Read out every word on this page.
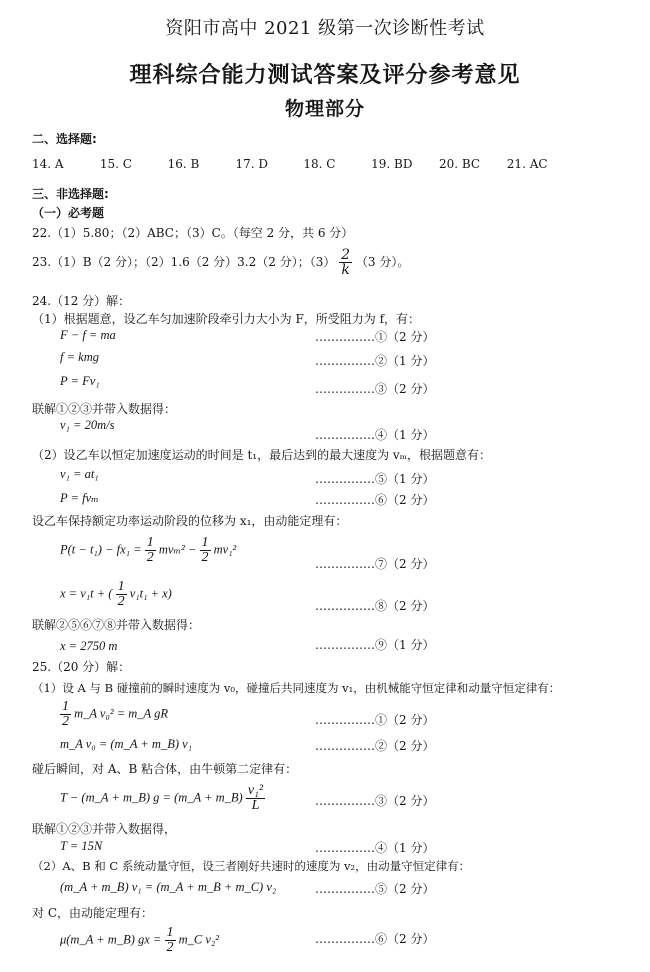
资阳市高中 2021 级第一次诊断性考试
理科综合能力测试答案及评分参考意见
物理部分
二、选择题:
14. A	15. C	16. B	17. D	18. C	19. BD 20. BC 21. AC
三、非选择题:
（一）必考题
22.（1）5.80；（2）ABC；（3）C。（每空 2 分，共 6 分）
23.（1）B（2 分）；（2）1.6（2 分）3.2（2 分）；$(3) \frac{2}{k} (3$ 分）。
24.（12 分）解：
（1）根据题意，设乙车匀加速阶段牵引力大小为 F，所受阻力为 f，有：
F − f = ma	……………①（2 分）
f = kmg	……………②（1 分）
P = Fv₁
……………③（2 分）
联解①②③并带入数据得：
v₁ = 20m/s
……………④（1 分）
（2）设乙车以恒定加速度运动的时间是 t₁，最后达到的最大速度为 vₘ，根据题意有：
v₁ = at₁	……………⑤（1 分）
P = fvₘ	……………⑥（2 分）
设乙车保持额定功率运动阶段的位移为 x₁，由动能定理有：
$P(t - t_1) - fx_1 = \frac{1}{2} mv_m^2 - \frac{1}{2} mv_1^2$
……………⑦（2 分）
x = v₁t + ( $\frac{1}{2} v_1t_1 + x$)
……………⑧（2 分）
联解②⑤⑥⑦⑧并带入数据得：
x = 2750 m	……………⑨（1 分）
25.（20 分）解：
（1）设 A 与 B 碰撞前的瞬时速度为 v₀，碰撞后共同速度为 v₁，由机械能守恒定律和动量守恒定律有：
$\frac{1}{2}$ m_A v₀² = m_A gR	……………①（2 分）
m_A v₀ = (m_A + m_B) v₁	……………②（2 分）
碰后瞬间，对 A、B 粘合体，由牛顿第二定律有：
T − (m_A + m_B) g = (m_A + m_B) $\frac{\text{v₁²}}{L}$	……………③（2 分）
联解①②③并带入数据得，
T = 15N	……………④（1 分）
（2）A、B 和 C 系统动量守恒，设三者刚好共速时的速度为 v₂，由动量守恒定律有：
(m_A + m_B) v₁ = (m_A + m_B + m_C) v₂	……………⑤（2 分）
对 C，由动能定理有：
μ(m_A + m_B) gx = $\frac{1}{2}$ m_C v₂²	……………⑥（2 分）
